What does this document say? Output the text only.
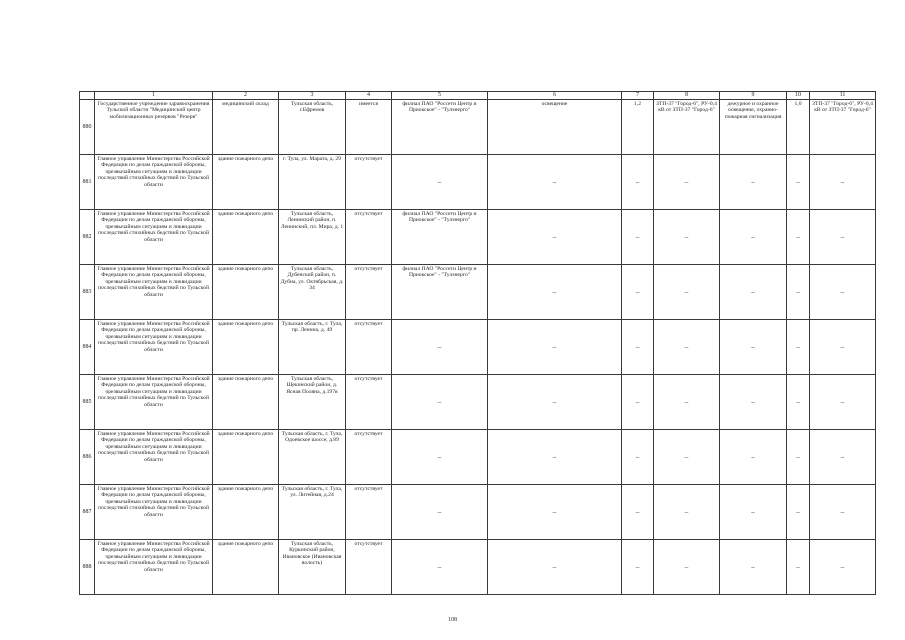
	1	2	3	4	5	6	7	8	9	10	11
880	Государственное учреждение здравоохранения Тульской области "Медицинский центр мобилизационных резервов "Резерв"	медицинский склад	Тульская область, г.Ефремов	имеется	филиал ПАО "Россети Центр и Приокское" - "Тулэнерго"	освещение	1,2	ЗТП-37 "Город-6", РУ-0,4 кВ от ЗТП-37 "Город-6"	дежурное и охранное освещение, охранно-пожарная сигнализация	1,0	ЗТП-37 "Город-6", РУ-0,4 кВ от ЗТП-37 "Город-6"
881	Главное управление Министерства Российской Федерации по делам гражданской обороны, чрезвычайным ситуациям и ликвидации последствий стихийных бедствий по Тульской области	здание пожарного депо	г. Тула, ул. Марата, д. 29	отсутствует	–	–	–	–	–	–	–
882	Главное управление Министерства Российской Федерации по делам гражданской обороны, чрезвычайным ситуациям и ликвидации последствий стихийных бедствий по Тульской области	здание пожарного депо	Тульская область, Ленинский район, п. Ленинский, пл. Мира, д. 1	отсутствует	филиал ПАО "Россети Центр и Приокское" - "Тулэнерго"	–	–	–	–	–	–
883	Главное управление Министерства Российской Федерации по делам гражданской обороны, чрезвычайным ситуациям и ликвидации последствий стихийных бедствий по Тульской области	здание пожарного депо	Тульская область, Дубенский район, п. Дубна, ул. Октябрьская, д. 34	отсутствует	филиал ПАО "Россети Центр и Приокское" - "Тулэнерго"	–	–	–	–	–	–
884	Главное управление Министерства Российской Федерации по делам гражданской обороны, чрезвычайным ситуациям и ликвидации последствий стихийных бедствий по Тульской области	здание пожарного депо	Тульская область, г. Тула, пр. Ленина, д. 49	отсутствует	–	–	–	–	–	–	–
885	Главное управление Министерства Российской Федерации по делам гражданской обороны, чрезвычайным ситуациям и ликвидации последствий стихийных бедствий по Тульской области	здание пожарного депо	Тульская область, Щекинский район, д. Ясная Поляна, д.197в	отсутствует	–	–	–	–	–	–	–
886	Главное управление Министерства Российской Федерации по делам гражданской обороны, чрезвычайным ситуациям и ликвидации последствий стихийных бедствий по Тульской области	здание пожарного депо	Тульская область, г. Тула, Одоевское шоссе, д.89	отсутствует	–	–	–	–	–	–	–
887	Главное управление Министерства Российской Федерации по делам гражданской обороны, чрезвычайным ситуациям и ликвидации последствий стихийных бедствий по Тульской области	здание пожарного депо	Тульская область, г. Тула, ул. Литейная, д.24	отсутствует	–	–	–	–	–	–	–
888	Главное управление Министерства Российской Федерации по делам гражданской обороны, чрезвычайным ситуациям и ликвидации последствий стихийных бедствий по Тульской области	здание пожарного депо	Тульская область, Куркинский район, Ивановское (Ивановская волость)	отсутствует	–	–	–	–	–	–	–
108
